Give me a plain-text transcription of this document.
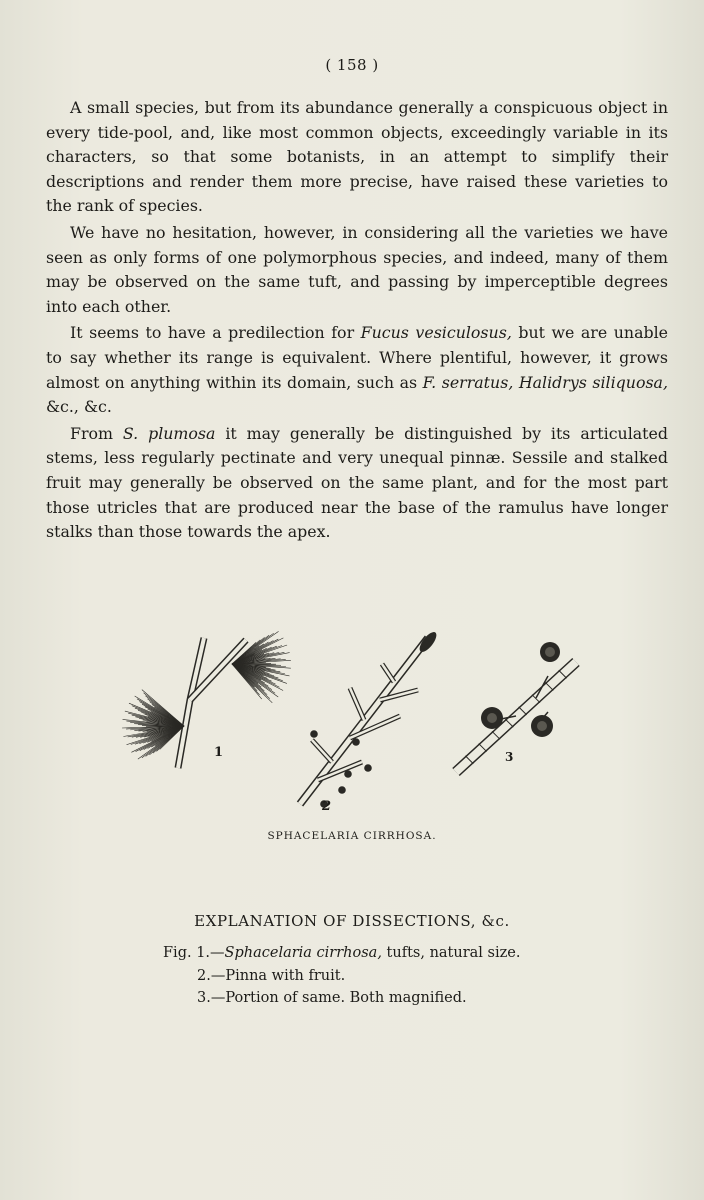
( 158 )

A small species, but from its abundance generally a conspicuous object in every tide-pool, and, like most common objects, exceedingly variable in its characters, so that some botanists, in an attempt to simplify their descriptions and render them more precise, have raised these varieties to the rank of species.

We have no hesitation, however, in considering all the varieties we have seen as only forms of one polymorphous species, and indeed, many of them may be observed on the same tuft, and passing by imperceptible degrees into each other.

It seems to have a predilection for Fucus vesiculosus, but we are unable to say whether its range is equivalent. Where plentiful, however, it grows almost on anything within its domain, such as F. serratus, Halidrys siliquosa, &c., &c.

From S. plumosa it may generally be distinguished by its articulated stems, less regularly pectinate and very unequal pinnæ. Sessile and stalked fruit may generally be observed on the same plant, and for the most part those utricles that are produced near the base of the ramulus have longer stalks than those towards the apex.

1
2
3
SPHACELARIA CIRRHOSA.
EXPLANATION OF DISSECTIONS, &c.
Fig. 1.—Sphacelaria cirrhosa, tufts, natural size.
2.—Pinna with fruit.
3.—Portion of same. Both magnified.
